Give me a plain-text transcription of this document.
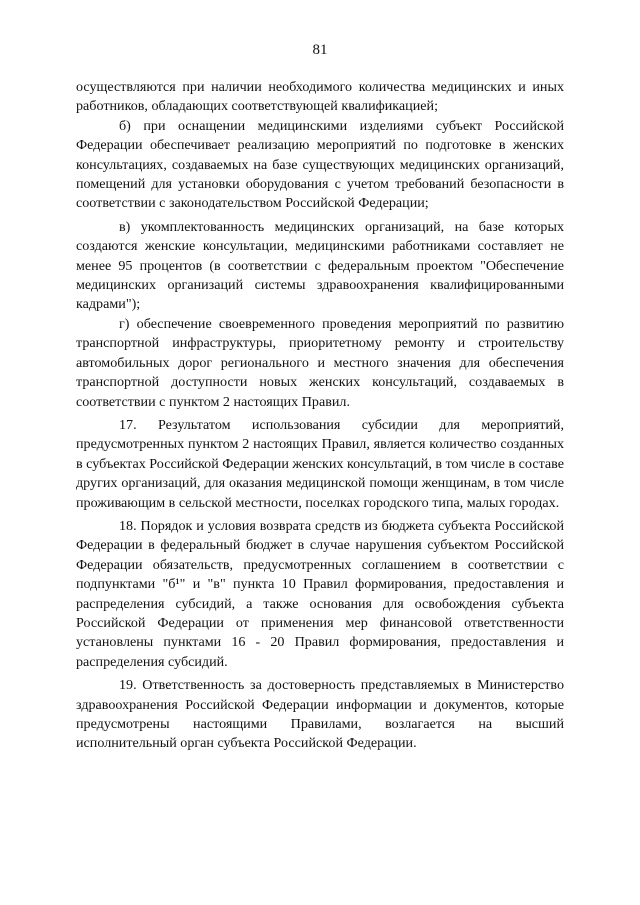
81

осуществляются при наличии необходимого количества медицинских и иных работников, обладающих соответствующей квалификацией;

б) при оснащении медицинскими изделиями субъект Российской Федерации обеспечивает реализацию мероприятий по подготовке в женских консультациях, создаваемых на базе существующих медицинских организаций, помещений для установки оборудования с учетом требований безопасности в соответствии с законодательством Российской Федерации;

в) укомплектованность медицинских организаций, на базе которых создаются женские консультации, медицинскими работниками составляет не менее 95 процентов (в соответствии с федеральным проектом "Обеспечение медицинских организаций системы здравоохранения квалифицированными кадрами");

г) обеспечение своевременного проведения мероприятий по развитию транспортной инфраструктуры, приоритетному ремонту и строительству автомобильных дорог регионального и местного значения для обеспечения транспортной доступности новых женских консультаций, создаваемых в соответствии с пунктом 2 настоящих Правил.

17. Результатом использования субсидии для мероприятий, предусмотренных пунктом 2 настоящих Правил, является количество созданных в субъектах Российской Федерации женских консультаций, в том числе в составе других организаций, для оказания медицинской помощи женщинам, в том числе проживающим в сельской местности, поселках городского типа, малых городах.

18. Порядок и условия возврата средств из бюджета субъекта Российской Федерации в федеральный бюджет в случае нарушения субъектом Российской Федерации обязательств, предусмотренных соглашением в соответствии с подпунктами "б¹" и "в" пункта 10 Правил формирования, предоставления и распределения субсидий, а также основания для освобождения субъекта Российской Федерации от применения мер финансовой ответственности установлены пунктами 16 - 20 Правил формирования, предоставления и распределения субсидий.

19. Ответственность за достоверность представляемых в Министерство здравоохранения Российской Федерации информации и документов, которые предусмотрены настоящими Правилами, возлагается на высший исполнительный орган субъекта Российской Федерации.
